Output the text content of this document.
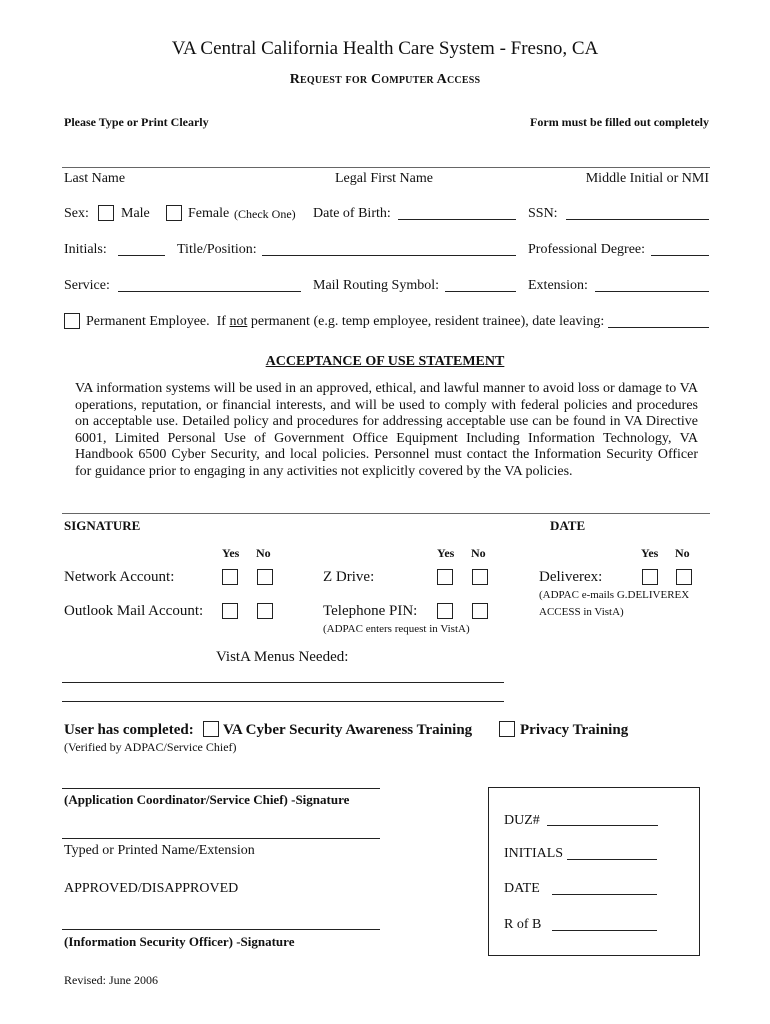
VA Central California Health Care System - Fresno, CA
Request for Computer Access
Please Type or Print Clearly	Form must be filled out completely
Last Name	Legal First Name	Middle Initial or NMI
Sex: Male	Female (Check One) Date of Birth:	SSN:
Initials:	Title/Position:	Professional Degree:
Service:	Mail Routing Symbol:	Extension:
Permanent Employee. If not permanent (e.g. temp employee, resident trainee), date leaving:
ACCEPTANCE OF USE STATEMENT
VA information systems will be used in an approved, ethical, and lawful manner to avoid loss or damage to VA operations, reputation, or financial interests, and will be used to comply with federal policies and procedures on acceptable use. Detailed policy and procedures for addressing acceptable use can be found in VA Directive 6001, Limited Personal Use of Government Office Equipment Including Information Technology, VA Handbook 6500 Cyber Security, and local policies. Personnel must contact the Information Security Officer for guidance prior to engaging in any activities not explicitly covered by the VA policies.
SIGNATURE	DATE
Yes No	Yes No	Yes No
Network Account:	Z Drive:	Deliverex:
(ADPAC e-mails G.DELIVEREX
ACCESS in VistA)
Outlook Mail Account:	Telephone PIN:
(ADPAC enters request in VistA)
VistA Menus Needed:
User has completed: VA Cyber Security Awareness Training	Privacy Training
(Verified by ADPAC/Service Chief)
(Application Coordinator/Service Chief) -Signature
Typed or Printed Name/Extension
APPROVED/DISAPPROVED
(Information Security Officer) -Signature
Revised: June 2006
DUZ#
INITIALS
DATE
R of B
